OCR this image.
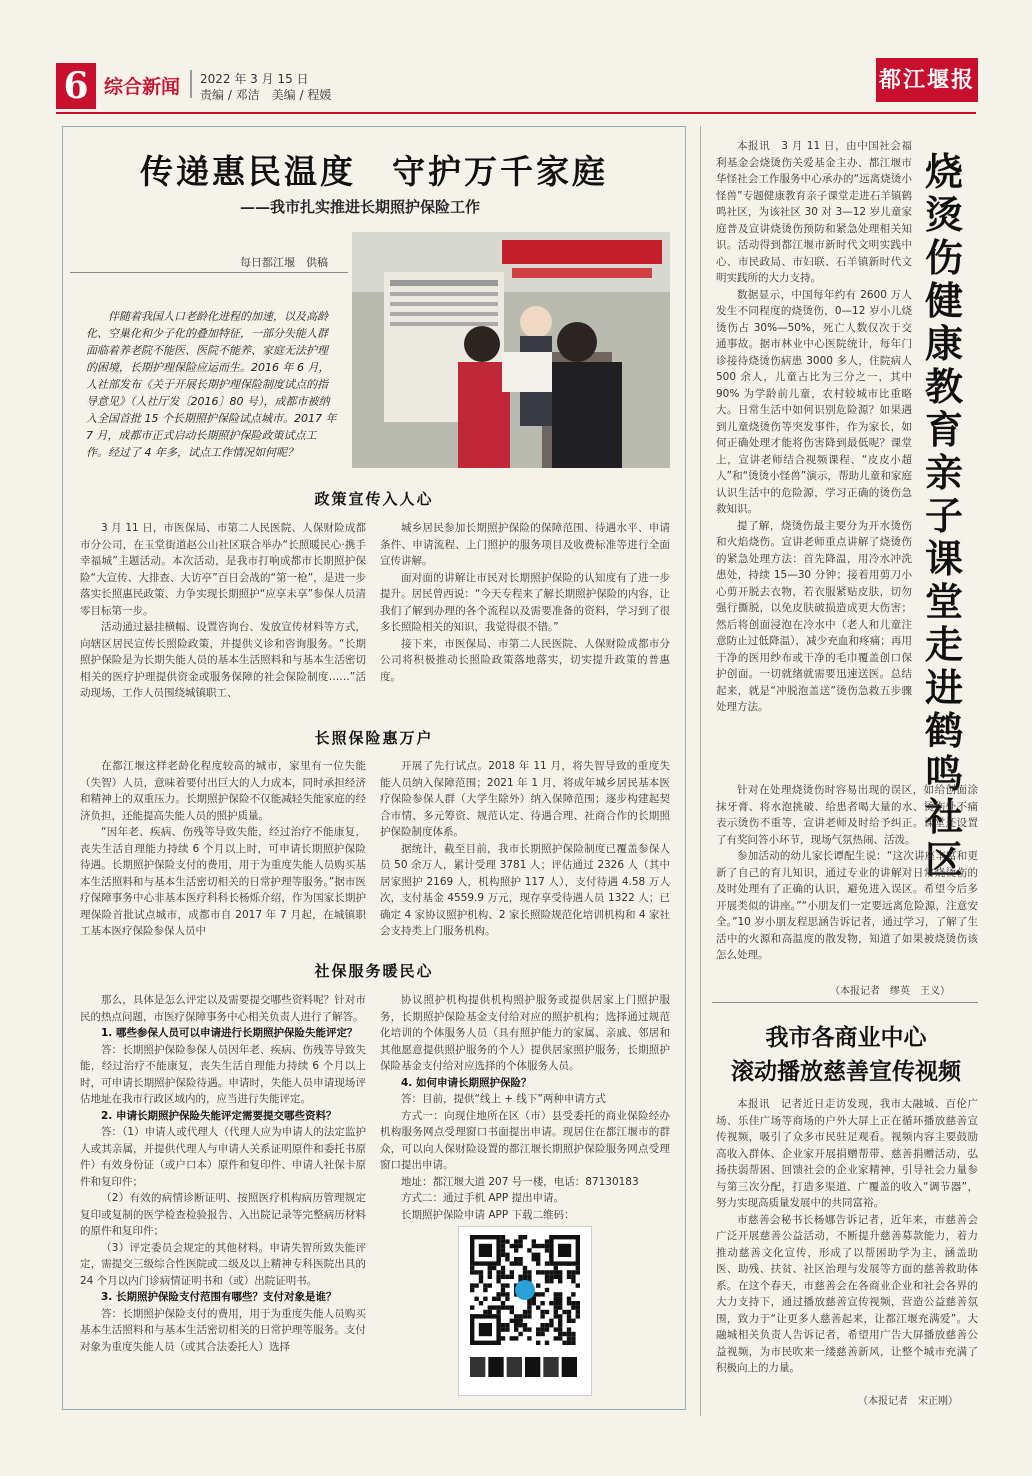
6 综合新闻 2022 年 3 月 15 日
责编 / 邓洁　美编 / 程媛
都江堰报
传递惠民温度　守护万千家庭
——我市扎实推进长期照护保险工作
每日都江堰　供稿

伴随着我国人口老龄化进程的加速，以及高龄化、空巢化和少子化的叠加特征，一部分失能人群面临着养老院不能医、医院不能养、家庭无法护理的困境，长期护理保险应运而生。2016 年 6 月，人社部发布《关于开展长期护理保险制度试点的指导意见》（人社厅发〔2016〕80 号），成都市被纳入全国首批 15 个长期照护保险试点城市。2017 年 7 月，成都市正式启动长期照护保险政策试点工作。经过了 4 年多，试点工作情况如何呢？

政策宣传入人心

3 月 11 日，市医保局、市第二人民医院、人保财险成都市分公司，在玉堂街道赵公山社区联合举办“长照暖民心·携手幸福城”主题活动。本次活动，是我市打响成都市长期照护保险“大宣传、大排查、大访亭”百日会战的“第一枪”，是进一步落实长照惠民政策、力争实现长期照护“应享未享”参保人员清零目标第一步。

活动通过悬挂横幅、设置咨询台、发放宣传材料等方式，向辖区居民宣传长照险政策，并提供义诊和咨询服务。“长期照护保险是为长期失能人员的基本生活照料和与基本生活密切相关的医疗护理提供资金或服务保障的社会保险制度……”活动现场，工作人员围绕城镇职工、

城乡居民参加长期照护保险的保障范围、待遇水平、申请条件、申请流程、上门照护的服务项目及收费标准等进行全面宣传讲解。

面对面的讲解让市民对长期照护保险的认知度有了进一步提升。居民曾西说：“今天专程来了解长期照护保险的内容，让我们了解到办理的各个流程以及需要准备的资料，学习到了很多长照险相关的知识，我觉得很不错。”

接下来，市医保局、市第二人民医院、人保财险成都市分公司将积极推动长照险政策落地落实，切实提升政策的普惠度。

长照保险惠万户

在都江堰这样老龄化程度较高的城市，家里有一位失能（失智）人员，意味着要付出巨大的人力成本，同时承担经济和精神上的双重压力。长期照护保险不仅能减轻失能家庭的经济负担，还能提高失能人员的照护质量。

“因年老、疾病、伤残等导致失能，经过治疗不能康复，丧失生活自理能力持续 6 个月以上时，可申请长期照护保险待遇。长期照护保险支付的费用，用于为重度失能人员购买基本生活照料和与基本生活密切相关的日常护理等服务。”据市医疗保障事务中心非基本医疗科科长杨烁介绍，作为国家长期护理保险首批试点城市，成都市自 2017 年 7 月起，在城镇职工基本医疗保险参保人员中

开展了先行试点。2018 年 11 月，将失智导致的重度失能人员纳入保障范围；2021 年 1 月，将成年城乡居民基本医疗保险参保人群（大学生除外）纳入保障范围；逐步构建起契合市情、多元筹资、规范认定、待遇合理、社商合作的长期照护保险制度体系。

据统计，截至目前，我市长期照护保险制度已覆盖参保人员 50 余万人，累计受理 3781 人；评估通过 2326 人（其中居家照护 2169 人，机构照护 117 人），支付待遇 4.58 万人次，支付基金 4559.9 万元，现存享受待遇人员 1322 人；已确定 4 家协议照护机构、2 家长照险规范化培训机构和 4 家社会支持类上门服务机构。

社保服务暖民心

那么，具体是怎么评定以及需要提交哪些资料呢？针对市民的热点问题，市医疗保障事务中心相关负责人进行了解答。

1. 哪些参保人员可以申请进行长期照护保险失能评定？

答：长期照护保险参保人员因年老、疾病、伤残等导致失能，经过治疗不能康复，丧失生活自理能力持续 6 个月以上时，可申请长期照护保险待遇。申请时，失能人员申请现场评估地址在我市行政区域内的，应当进行失能评定。

2. 申请长期照护保险失能评定需要提交哪些资料？

答：（1）申请人或代理人（代理人应为申请人的法定监护人或其亲属，并提供代理人与申请人关系证明原件和委托书原件）有效身份证（或户口本）原件和复印件、申请人社保卡原件和复印件；

（2）有效的病情诊断证明、按照医疗机构病历管理规定复印或复制的医学检查检验报告、入出院记录等完整病历材料的原件和复印件；

（3）评定委员会规定的其他材料。申请失智所致失能评定，需提交三级综合性医院或二级及以上精神专科医院出具的 24 个月以内门诊病情证明书和（或）出院证明书。

3. 长期照护保险支付范围有哪些？支付对象是谁？

答：长期照护保险支付的费用，用于为重度失能人员购买基本生活照料和与基本生活密切相关的日常护理等服务。支付对象为重度失能人员（或其合法委托人）选择

协议照护机构提供机构照护服务或提供居家上门照护服务，长期照护保险基金支付给对应的照护机构；选择通过规范化培训的个体服务人员（具有照护能力的家属、亲戚、邻居和其他愿意提供照护服务的个人）提供居家照护服务，长期照护保险基金支付给对应选择的个体服务人员。

4. 如何申请长期照护保险？

答：目前，提供“线上 + 线下”两种申请方式

方式一：向现住地所在区（市）县受委托的商业保险经办机构服务网点受理窗口书面提出申请。现居住在都江堰市的群众，可以向人保财险设置的都江堰长期照护保险服务网点受理窗口提出申请。

地址：都江堰大道 207 号一楼，电话：87130183

方式二：通过手机 APP 提出申请。

长期照护保险申请 APP 下载二维码：

烧烫伤健康教育亲子课堂走进鹤鸣社区

本报讯　3 月 11 日，由中国社会福利基金会烧烫伤关爱基金主办、都江堰市华怪社会工作服务中心承办的“远离烧烫小怪兽”专题健康教育亲子课堂走进石羊镇鹤鸣社区，为该社区 30 对 3—12 岁儿童家庭普及宣讲烧烫伤预防和紧急处理相关知识。活动得到都江堰市新时代文明实践中心、市民政局、市妇联、石羊镇新时代文明实践所的大力支持。

数据显示，中国每年约有 2600 万人发生不同程度的烧烫伤，0—12 岁小儿烧烫伤占 30%—50%，死亡人数仅次于交通事故。据市林业中心医院统计，每年门诊接待烧烫伤病患 3000 多人，住院病人 500 余人，儿童占比为三分之一，其中 90% 为学龄前儿童，农村较城市比重略大。日常生活中如何识别危险源？如果遇到儿童烧烫伤等突发事件，作为家长，如何正确处理才能将伤害降到最低呢？课堂上，宣讲老师结合视频课程、“皮皮小超人”和“烫烫小怪兽”演示，帮助儿童和家庭认识生活中的危险源，学习正确的烫伤急救知识。

提了解，烧烫伤最主要分为开水烫伤和火焰烧伤。宣讲老师重点讲解了烧烫伤的紧急处理方法：首先降温，用冷水冲洗患处，持续 15—30 分钟；接着用剪刀小心剪开脱去衣物，若衣服紧贴皮肤，切勿强行撕脱，以免皮肤破损造成更大伤害；然后将创面浸泡在冷水中（老人和儿童注意防止过低降温），减少充血和疼痛；再用干净的医用纱布或干净的毛巾覆盖创口保护创面。一切就绪就需要迅速送医。总结起来，就是“冲脱泡盖送”烫伤急救五步骤处理方法。

针对在处理烧烫伤时容易出现的误区，如给创面涂抹牙膏、将水泡挑破、给患者喝大量的水、烫伤处不痛表示烫伤不重等，宣讲老师及时给予纠正。课堂还设置了有奖问答小环节，现场气氛热闹、活泼。

参加活动的幼儿家长谭配生说：“这次讲座丰富和更新了自己的育儿知识，通过专业的讲解对日常烧烫伤的及时处理有了正确的认识，避免进入误区。希望今后多开展类似的讲座。”“小朋友们一定要远离危险源，注意安全。”10 岁小朋友程思涵告诉记者，通过学习，了解了生活中的火源和高温度的散发物，知道了如果被烧烫伤该怎么处理。

（本报记者　缪英　王义）
我市各商业中心
滚动播放慈善宣传视频

本报讯　记者近日走访发现，我市大融城、百伦广场、乐佳广场等商场的户外大屏上正在循环播放慈善宣传视频，吸引了众多市民驻足观看。视频内容主要鼓励高收入群体、企业家开展捐赠帮带、慈善捐赠活动，弘扬扶弱帮困、回馈社会的企业家精神，引导社会力量参与第三次分配，打造多渠道、广覆盖的收入“调节器”，努力实现高质量发展中的共同富裕。

市慈善会秘书长杨娜告诉记者，近年来，市慈善会广泛开展慈善公益活动，不断提升慈善募款能力，着力推动慈善文化宣传，形成了以帮困助学为主，涵盖助医、助残、扶贫、社区治理与发展等方面的慈善救助体系。在这个春天，市慈善会在各商业企业和社会各界的大力支持下，通过播放慈善宣传视频，营造公益慈善氛围，致力于“让更多人慈善起来，让都江堰充满爱”。大融城相关负责人告诉记者，希望用广告大屏播放慈善公益视频，为市民吹来一缕慈善新风，让整个城市充满了积极向上的力量。

（本报记者　宋正刚）
